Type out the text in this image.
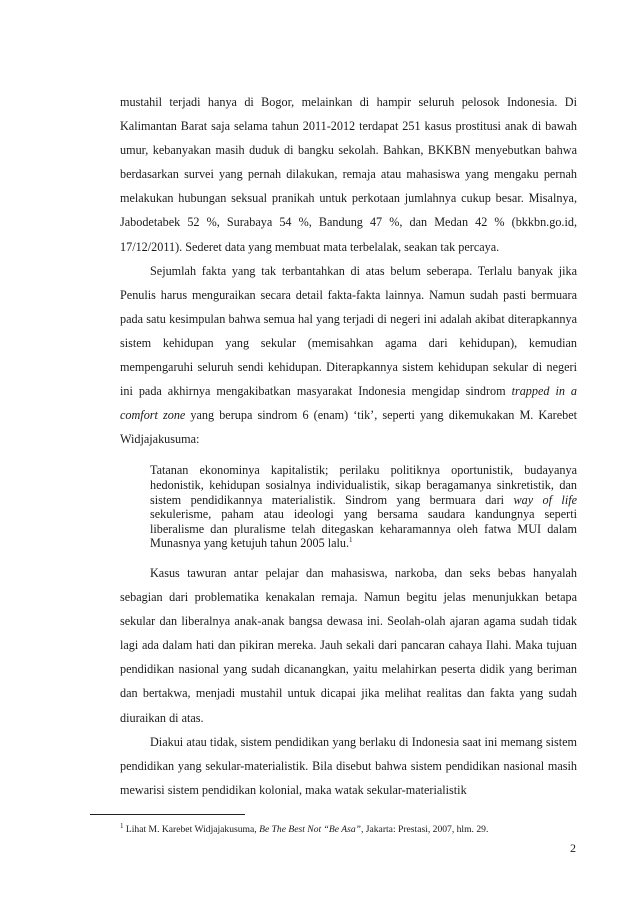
mustahil terjadi hanya di Bogor, melainkan di hampir seluruh pelosok Indonesia. Di Kalimantan Barat saja selama tahun 2011-2012 terdapat 251 kasus prostitusi anak di bawah umur, kebanyakan masih duduk di bangku sekolah. Bahkan, BKKBN menyebutkan bahwa berdasarkan survei yang pernah dilakukan, remaja atau mahasiswa yang mengaku pernah melakukan hubungan seksual pranikah untuk perkotaan jumlahnya cukup besar. Misalnya, Jabodetabek 52 %, Surabaya 54 %, Bandung 47 %, dan Medan 42 % (bkkbn.go.id, 17/12/2011). Sederet data yang membuat mata terbelalak, seakan tak percaya.

Sejumlah fakta yang tak terbantahkan di atas belum seberapa. Terlalu banyak jika Penulis harus menguraikan secara detail fakta-fakta lainnya. Namun sudah pasti bermuara pada satu kesimpulan bahwa semua hal yang terjadi di negeri ini adalah akibat diterapkannya sistem kehidupan yang sekular (memisahkan agama dari kehidupan), kemudian mempengaruhi seluruh sendi kehidupan. Diterapkannya sistem kehidupan sekular di negeri ini pada akhirnya mengakibatkan masyarakat Indonesia mengidap sindrom trapped in a comfort zone yang berupa sindrom 6 (enam) ‘tik’, seperti yang dikemukakan M. Karebet Widjajakusuma:

Tatanan ekonominya kapitalistik; perilaku politiknya oportunistik, budayanya hedonistik, kehidupan sosialnya individualistik, sikap beragamanya sinkretistik, dan sistem pendidikannya materialistik. Sindrom yang bermuara dari way of life sekulerisme, paham atau ideologi yang bersama saudara kandungnya seperti liberalisme dan pluralisme telah ditegaskan keharamannya oleh fatwa MUI dalam Munasnya yang ketujuh tahun 2005 lalu.$^1$

Kasus tawuran antar pelajar dan mahasiswa, narkoba, dan seks bebas hanyalah sebagian dari problematika kenakalan remaja. Namun begitu jelas menunjukkan betapa sekular dan liberalnya anak-anak bangsa dewasa ini. Seolah-olah ajaran agama sudah tidak lagi ada dalam hati dan pikiran mereka. Jauh sekali dari pancaran cahaya Ilahi. Maka tujuan pendidikan nasional yang sudah dicanangkan, yaitu melahirkan peserta didik yang beriman dan bertakwa, menjadi mustahil untuk dicapai jika melihat realitas dan fakta yang sudah diuraikan di atas.

Diakui atau tidak, sistem pendidikan yang berlaku di Indonesia saat ini memang sistem pendidikan yang sekular-materialistik. Bila disebut bahwa sistem pendidikan nasional masih mewarisi sistem pendidikan kolonial, maka watak sekular-materialistik

$^1$ Lihat M. Karebet Widjajakusuma, Be The Best Not “Be Asa”, Jakarta: Prestasi, 2007, hlm. 29.
2
